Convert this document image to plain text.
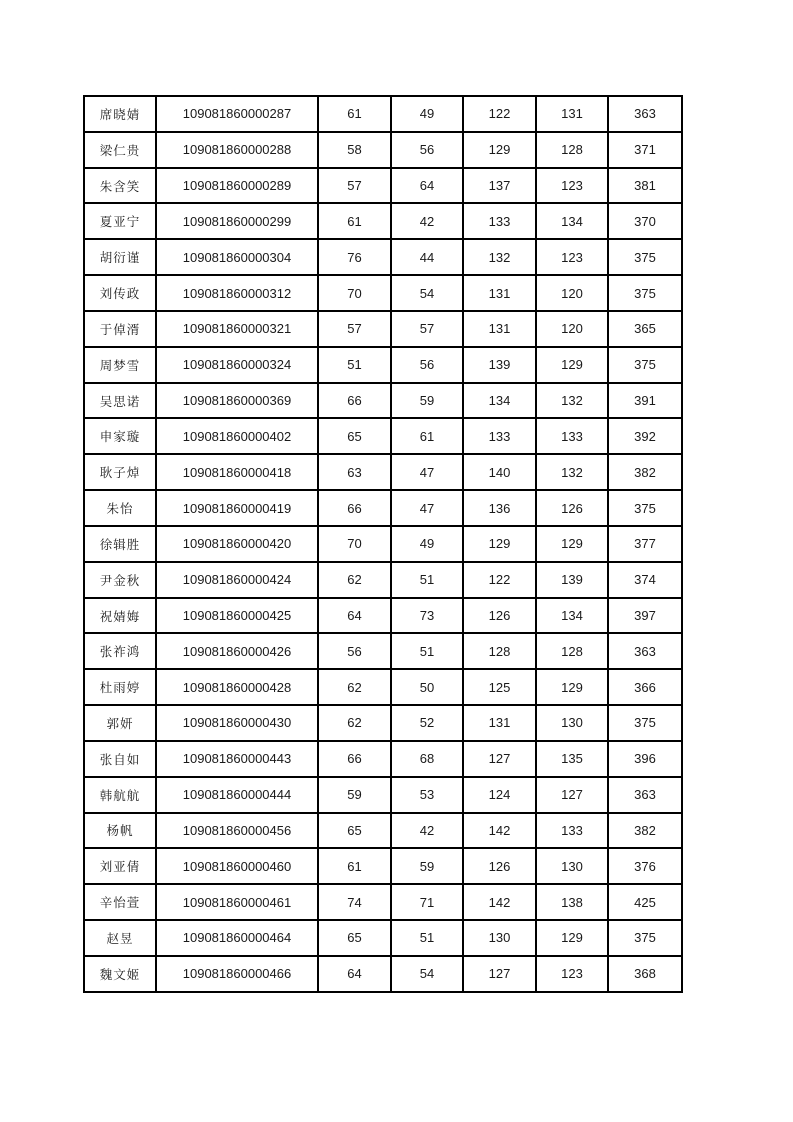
席晓婧	109081860000287	61	49	122	131	363
梁仁贵	109081860000288	58	56	129	128	371
朱含笑	109081860000289	57	64	137	123	381
夏亚宁	109081860000299	61	42	133	134	370
胡衍谨	109081860000304	76	44	132	123	375
刘传政	109081860000312	70	54	131	120	375
于倬湑	109081860000321	57	57	131	120	365
周梦雪	109081860000324	51	56	139	129	375
吴思诺	109081860000369	66	59	134	132	391
申家璇	109081860000402	65	61	133	133	392
耿子焯	109081860000418	63	47	140	132	382
朱怡	109081860000419	66	47	136	126	375
徐辑胜	109081860000420	70	49	129	129	377
尹金秋	109081860000424	62	51	122	139	374
祝婧娒	109081860000425	64	73	126	134	397
张祚鸿	109081860000426	56	51	128	128	363
杜雨婷	109081860000428	62	50	125	129	366
郭妍	109081860000430	62	52	131	130	375
张自如	109081860000443	66	68	127	135	396
韩航航	109081860000444	59	53	124	127	363
杨帆	109081860000456	65	42	142	133	382
刘亚倩	109081860000460	61	59	126	130	376
辛怡萱	109081860000461	74	71	142	138	425
赵昱	109081860000464	65	51	130	129	375
魏文姬	109081860000466	64	54	127	123	368
